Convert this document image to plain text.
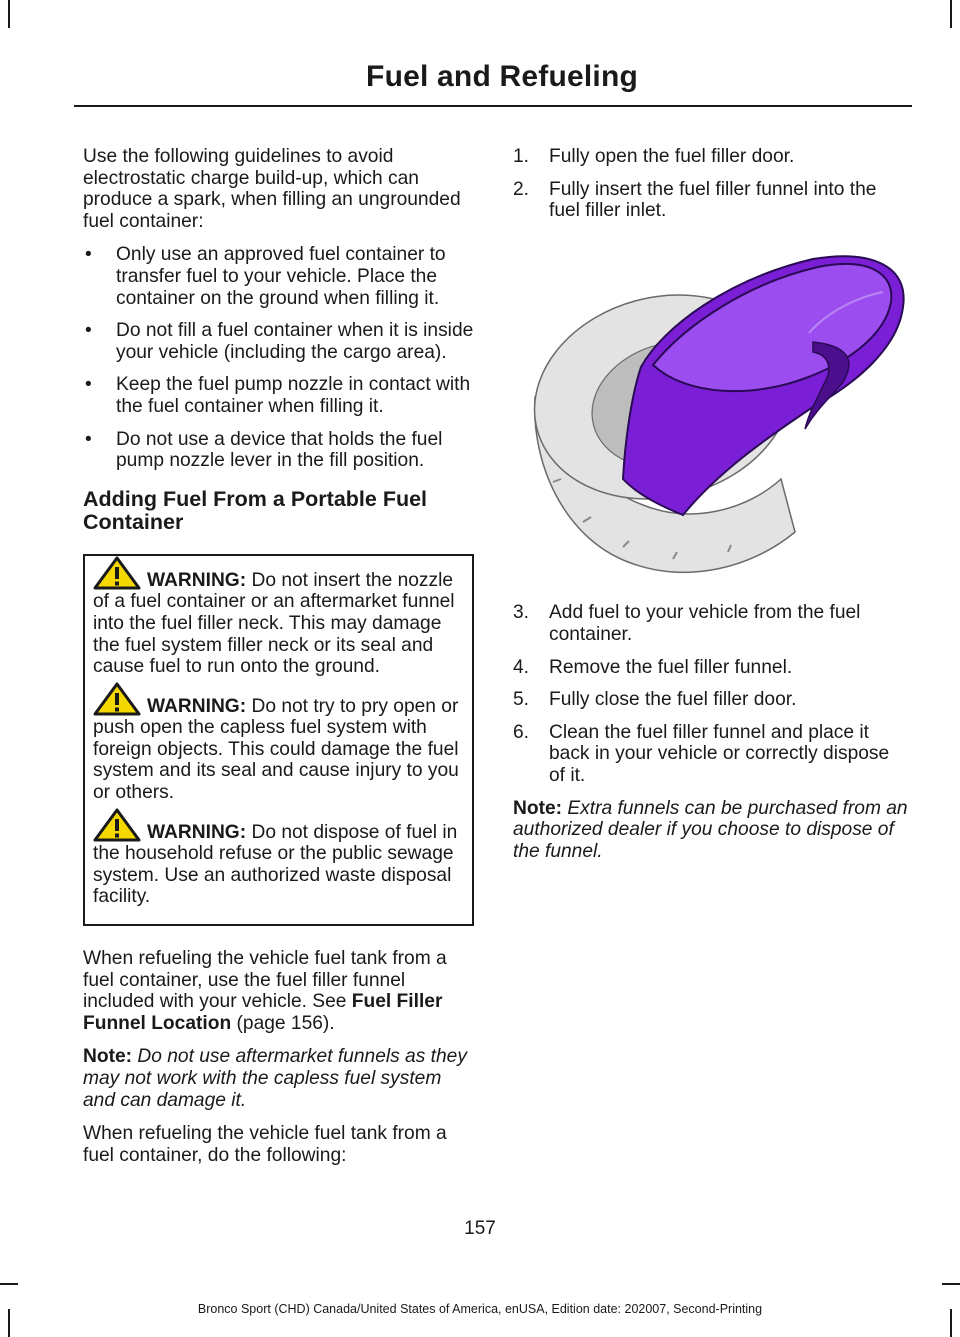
Fuel and Refueling

Use the following guidelines to avoid electrostatic charge build-up, which can produce a spark, when filling an ungrounded fuel container:

• Only use an approved fuel container to transfer fuel to your vehicle. Place the container on the ground when filling it.
• Do not fill a fuel container when it is inside your vehicle (including the cargo area).
• Keep the fuel pump nozzle in contact with the fuel container when filling it.
• Do not use a device that holds the fuel pump nozzle lever in the fill position.
Adding Fuel From a Portable Fuel Container
WARNING: Do not insert the nozzle of a fuel container or an aftermarket funnel into the fuel filler neck. This may damage the fuel system filler neck or its seal and cause fuel to run onto the ground.
WARNING: Do not try to pry open or push open the capless fuel system with foreign objects. This could damage the fuel system and its seal and cause injury to you or others.
WARNING: Do not dispose of fuel in the household refuse or the public sewage system. Use an authorized waste disposal facility.

When refueling the vehicle fuel tank from a fuel container, use the fuel filler funnel included with your vehicle. See Fuel Filler Funnel Location (page 156).

Note: Do not use aftermarket funnels as they may not work with the capless fuel system and can damage it.

When refueling the vehicle fuel tank from a fuel container, do the following:

1. Fully open the fuel filler door.
2. Fully insert the fuel filler funnel into the fuel filler inlet.
3. Add fuel to your vehicle from the fuel container.
4. Remove the fuel filler funnel.
5. Fully close the fuel filler door.
6. Clean the fuel filler funnel and place it back in your vehicle or correctly dispose of it.

Note: Extra funnels can be purchased from an authorized dealer if you choose to dispose of the funnel.

157
Bronco Sport (CHD) Canada/United States of America, enUSA, Edition date: 202007, Second-Printing
